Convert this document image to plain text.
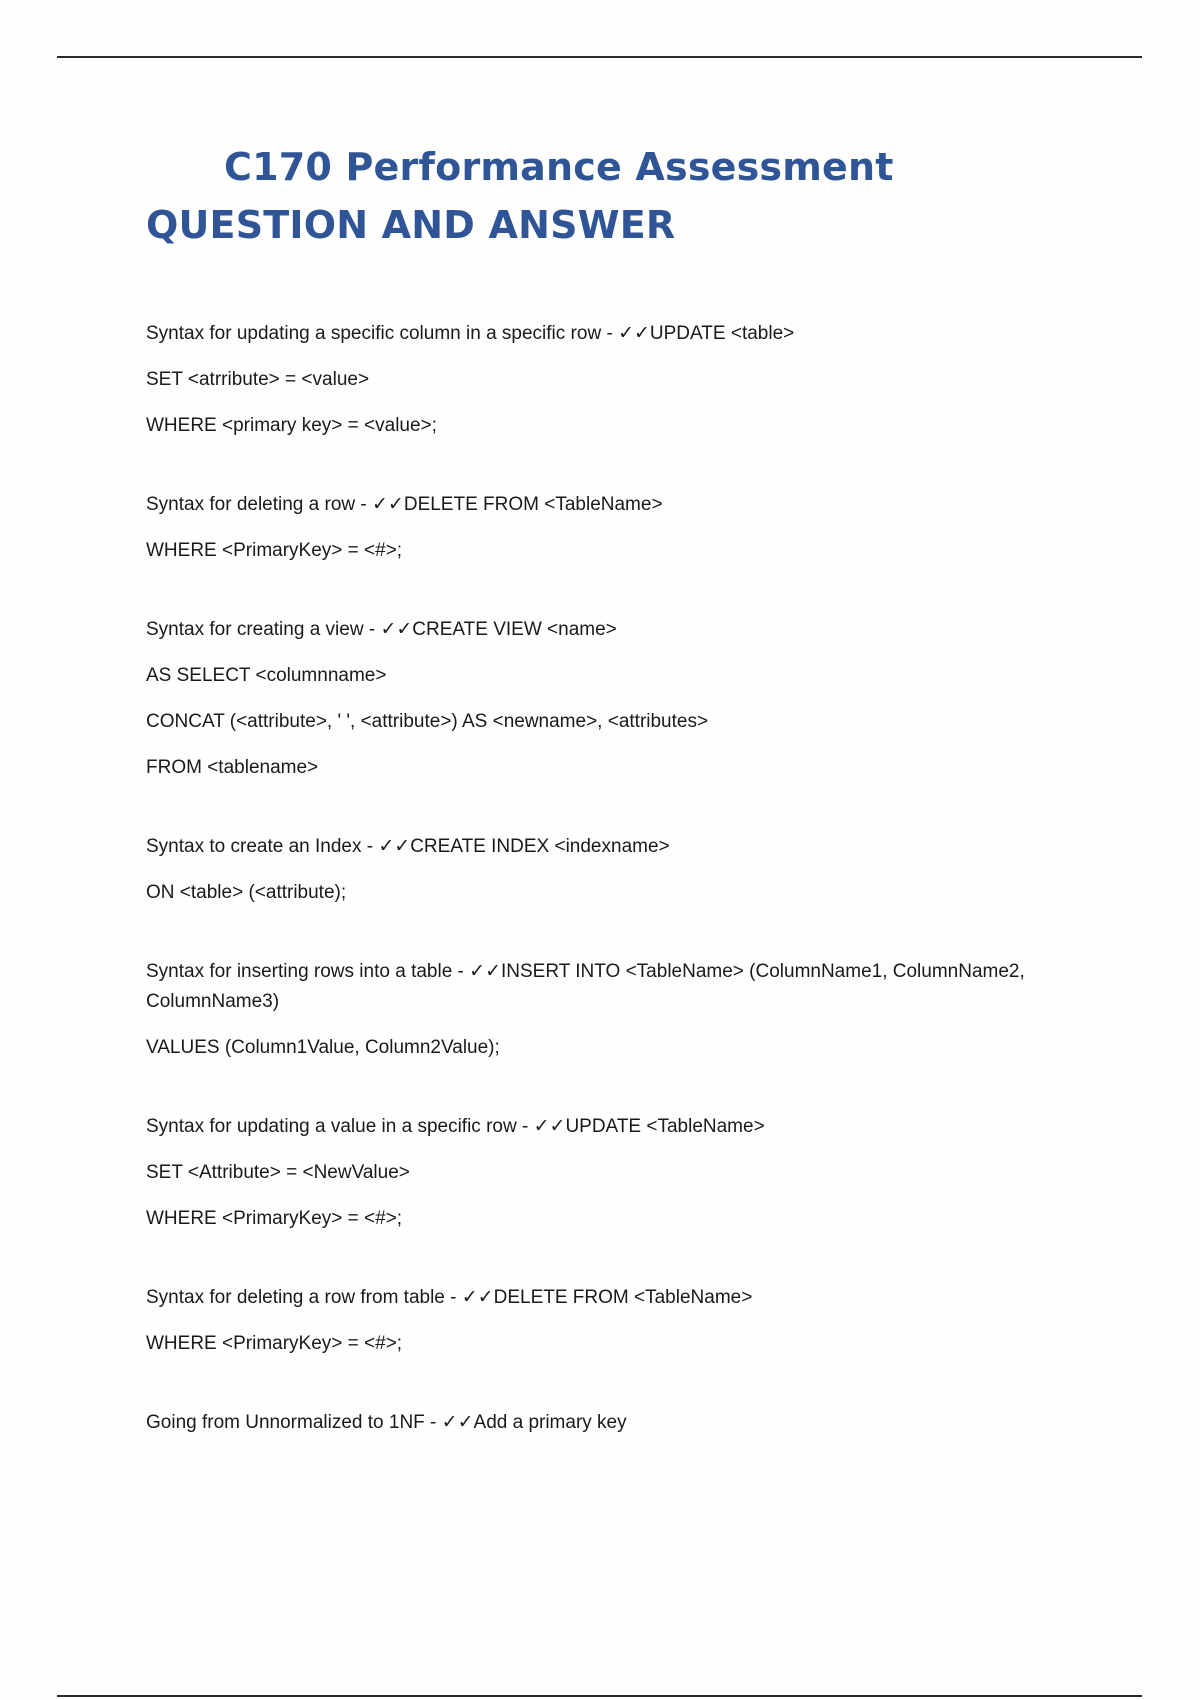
C170 Performance Assessment QUESTION AND ANSWER
Syntax for updating a specific column in a specific row - ✓✓UPDATE <table>
SET <atrribute> = <value>
WHERE <primary key> = <value>;
Syntax for deleting a row - ✓✓DELETE FROM <TableName>
WHERE <PrimaryKey> = <#>;
Syntax for creating a view - ✓✓CREATE VIEW <name>
AS SELECT <columnname>
CONCAT (<attribute>, ' ', <attribute>) AS <newname>, <attributes>
FROM <tablename>
Syntax to create an Index - ✓✓CREATE INDEX <indexname>
ON <table> (<attribute);
Syntax for inserting rows into a table - ✓✓INSERT INTO <TableName> (ColumnName1, ColumnName2, ColumnName3)
VALUES (Column1Value, Column2Value);
Syntax for updating a value in a specific row - ✓✓UPDATE <TableName>
SET <Attribute> = <NewValue>
WHERE <PrimaryKey> = <#>;
Syntax for deleting a row from table - ✓✓DELETE FROM <TableName>
WHERE <PrimaryKey> = <#>;
Going from Unnormalized to 1NF - ✓✓Add a primary key
